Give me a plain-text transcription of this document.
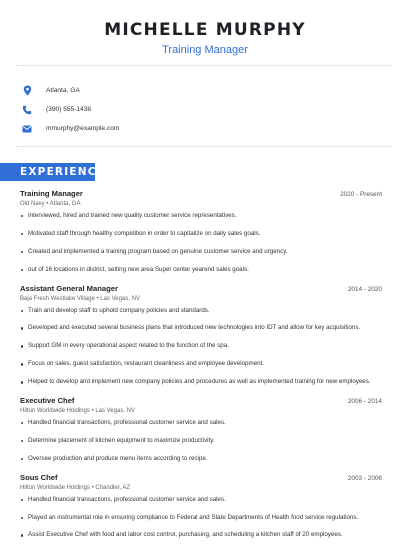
MICHELLE MURPHY
Training Manager
Atlanta, GA
(390) 555-1438
mmurphy@example.com
EXPERIENCE
Training Manager	2020 - Present
Old Navy • Atlanta, GA
Interviewed, hired and trained new quality customer service representatives.
Motivated staff through healthy competition in order to capitalize on daily sales goals.
Created and implemented a training program based on genuine customer service and urgency.
out of 16 locations in district, setting new area Super center yearend sales goals.
Assistant General Manager	2014 - 2020
Baja Fresh Westlake Village • Las Vegas, NV
Train and develop staff to uphold company policies and standards.
Developed and executed several business plans that introduced new technologies into IDT and allow for key acquisitions.
Support GM in every operational aspect related to the function of the spa.
Focus on sales, guest satisfaction, restaurant cleanliness and employee development.
Helped to develop and implement new company policies and procedures as well as implemented training for new employees.
Executive Chef	2006 - 2014
Hilton Worldwide Holdings • Las Vegas, NV
Handled financial transactions, professional customer service and sales.
Determine placement of kitchen equipment to maximize productivity.
Oversee production and produce menu items according to recipe.
Sous Chef	2003 - 2006
Hilton Worldwide Holdings • Chandler, AZ
Handled financial transactions, professional customer service and sales.
Played an instrumental role in ensuring compliance to Federal and State Departments of Health food service regulations.
Assist Executive Chef with food and labor cost control, purchasing, and scheduling a kitchen staff of 20 employees.
